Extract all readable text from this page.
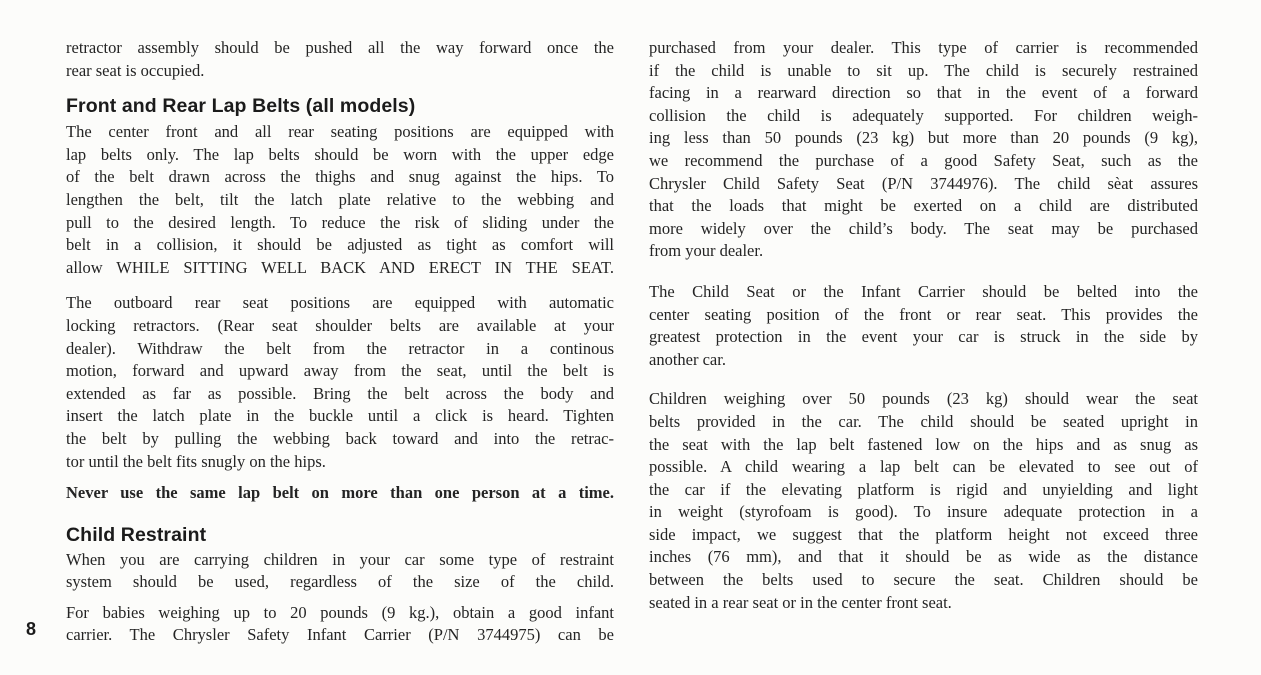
retractor assembly should be pushed all the way forward once the
rear seat is occupied.
Front and Rear Lap Belts (all models)
The center front and all rear seating positions are equipped with
lap belts only. The lap belts should be worn with the upper edge
of the belt drawn across the thighs and snug against the hips. To
lengthen the belt, tilt the latch plate relative to the webbing and
pull to the desired length. To reduce the risk of sliding under the
belt in a collision, it should be adjusted as tight as comfort will
allow WHILE SITTING WELL BACK AND ERECT IN THE SEAT.
The outboard rear seat positions are equipped with automatic
locking retractors. (Rear seat shoulder belts are available at your
dealer). Withdraw the belt from the retractor in a continous
motion, forward and upward away from the seat, until the belt is
extended as far as possible. Bring the belt across the body and
insert the latch plate in the buckle until a click is heard. Tighten
the belt by pulling the webbing back toward and into the retrac-
tor until the belt fits snugly on the hips.
Never use the same lap belt on more than one person at a time.
Child Restraint
When you are carrying children in your car some type of restraint
system should be used, regardless of the size of the child.
For babies weighing up to 20 pounds (9 kg.), obtain a good infant
carrier. The Chrysler Safety Infant Carrier (P/N 3744975) can be
purchased from your dealer. This type of carrier is recommended
if the child is unable to sit up. The child is securely restrained
facing in a rearward direction so that in the event of a forward
collision the child is adequately supported. For children weigh-
ing less than 50 pounds (23 kg) but more than 20 pounds (9 kg),
we recommend the purchase of a good Safety Seat, such as the
Chrysler Child Safety Seat (P/N 3744976). The child sèat assures
that the loads that might be exerted on a child are distributed
more widely over the child’s body. The seat may be purchased
from your dealer.
The Child Seat or the Infant Carrier should be belted into the
center seating position of the front or rear seat. This provides the
greatest protection in the event your car is struck in the side by
another car.
Children weighing over 50 pounds (23 kg) should wear the seat
belts provided in the car. The child should be seated upright in
the seat with the lap belt fastened low on the hips and as snug as
possible. A child wearing a lap belt can be elevated to see out of
the car if the elevating platform is rigid and unyielding and light
in weight (styrofoam is good). To insure adequate protection in a
side impact, we suggest that the platform height not exceed three
inches (76 mm), and that it should be as wide as the distance
between the belts used to secure the seat. Children should be
seated in a rear seat or in the center front seat.
8
